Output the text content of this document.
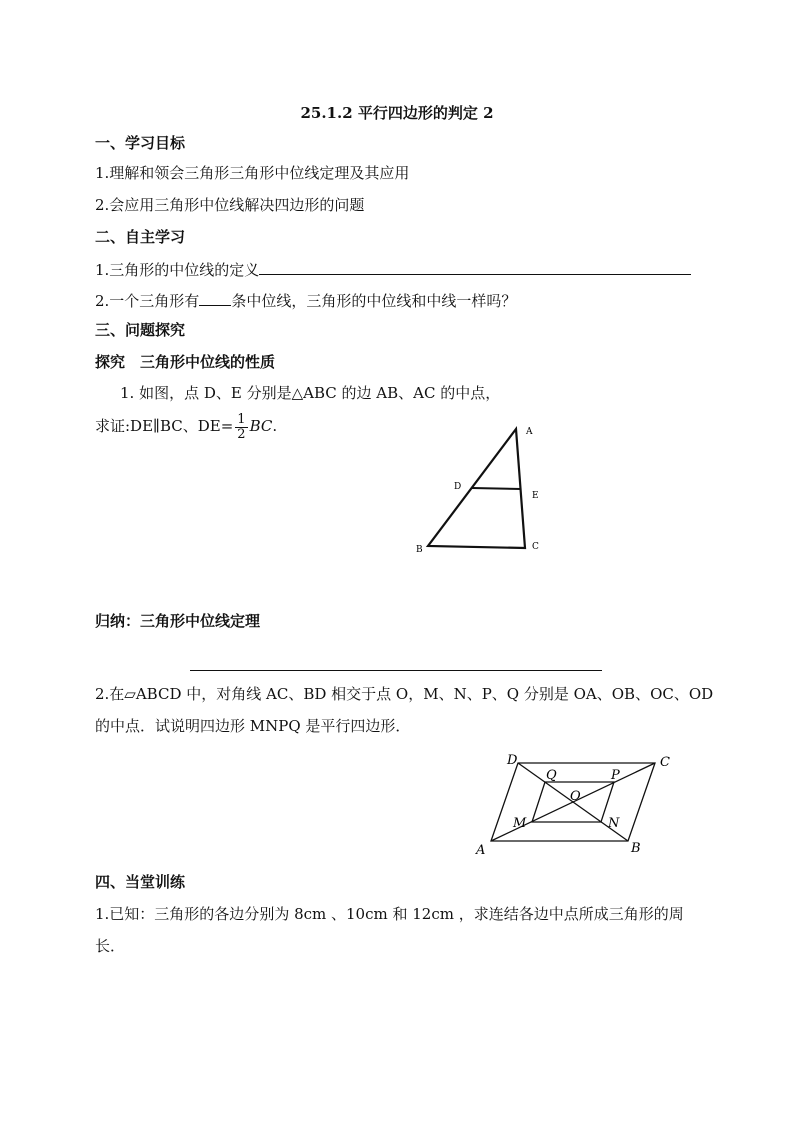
25.1.2 平行四边形的判定 2
一、学习目标
1.理解和领会三角形三角形中位线定理及其应用
2.会应用三角形中位线解决四边形的问题
二、自主学习
1.三角形的中位线的定义
2.一个三角形有 条中位线，三角形的中位线和中线一样吗？
三、问题探究
探究　三角形中位线的性质
1. 如图，点 D、E 分别是△ABC 的边 AB、AC 的中点，
求证:DE∥BC、$DE= \frac{1}{2}$ BC.	A
D
E
B	C
归纳：三角形中位线定理
2.在▱ABCD 中，对角线 AC、BD 相交于点 O，M、N、P、Q 分别是 OA、OB、OC、OD
的中点．试说明四边形 MNPQ 是平行四边形．
D	C
A	B
Q	P
O
M	N
四、当堂训练
1.已知：三角形的各边分别为 8cm 、10cm 和 12cm ，求连结各边中点所成三角形的周
长．
